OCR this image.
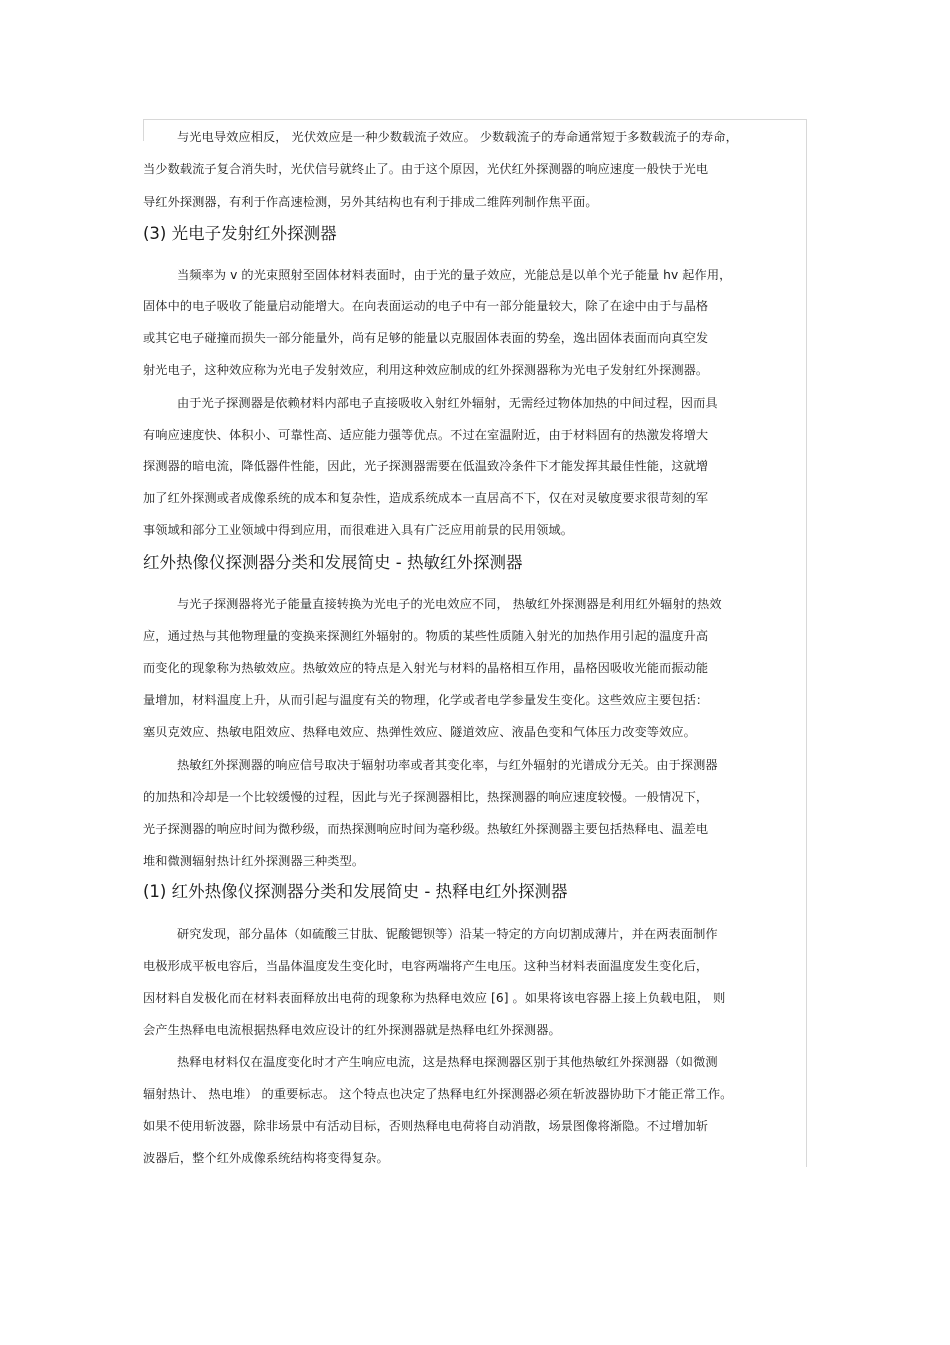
与光电导效应相反， 光伏效应是一种少数载流子效应。 少数载流子的寿命通常短于多数载流子的寿命，
当少数载流子复合消失时，光伏信号就终止了。由于这个原因，光伏红外探测器的响应速度一般快于光电
导红外探测器，有利于作高速检测，另外其结构也有利于排成二维阵列制作焦平面。
(3) 光电子发射红外探测器
当频率为 v 的光束照射至固体材料表面时，由于光的量子效应，光能总是以单个光子能量 hv 起作用，
固体中的电子吸收了能量启动能增大。在向表面运动的电子中有一部分能量较大，除了在途中由于与晶格
或其它电子碰撞而损失一部分能量外，尚有足够的能量以克服固体表面的势垒，逸出固体表面而向真空发
射光电子，这种效应称为光电子发射效应，利用这种效应制成的红外探测器称为光电子发射红外探测器。
由于光子探测器是依赖材料内部电子直接吸收入射红外辐射，无需经过物体加热的中间过程，因而具
有响应速度快、体积小、可靠性高、适应能力强等优点。不过在室温附近，由于材料固有的热激发将增大
探测器的暗电流，降低器件性能，因此，光子探测器需要在低温致冷条件下才能发挥其最佳性能，这就增
加了红外探测或者成像系统的成本和复杂性，造成系统成本一直居高不下，仅在对灵敏度要求很苛刻的军
事领域和部分工业领域中得到应用，而很难进入具有广泛应用前景的民用领域。
红外热像仪探测器分类和发展简史 - 热敏红外探测器
与光子探测器将光子能量直接转换为光电子的光电效应不同， 热敏红外探测器是利用红外辐射的热效
应，通过热与其他物理量的变换来探测红外辐射的。物质的某些性质随入射光的加热作用引起的温度升高
而变化的现象称为热敏效应。热敏效应的特点是入射光与材料的晶格相互作用，晶格因吸收光能而振动能
量增加，材料温度上升，从而引起与温度有关的物理，化学或者电学参量发生变化。这些效应主要包括：
塞贝克效应、热敏电阻效应、热释电效应、热弹性效应、隧道效应、液晶色变和气体压力改变等效应。
热敏红外探测器的响应信号取决于辐射功率或者其变化率，与红外辐射的光谱成分无关。由于探测器
的加热和冷却是一个比较缓慢的过程，因此与光子探测器相比，热探测器的响应速度较慢。一般情况下，
光子探测器的响应时间为微秒级，而热探测响应时间为毫秒级。热敏红外探测器主要包括热释电、温差电
堆和微测辐射热计红外探测器三种类型。
(1) 红外热像仪探测器分类和发展简史 - 热释电红外探测器
研究发现，部分晶体（如硫酸三甘肽、铌酸锶钡等）沿某一特定的方向切割成薄片，并在两表面制作
电极形成平板电容后，当晶体温度发生变化时，电容两端将产生电压。这种当材料表面温度发生变化后，
因材料自发极化而在材料表面释放出电荷的现象称为热释电效应 [6] 。如果将该电容器上接上负载电阻， 则
会产生热释电电流根据热释电效应设计的红外探测器就是热释电红外探测器。
热释电材料仅在温度变化时才产生响应电流，这是热释电探测器区别于其他热敏红外探测器（如微测
辐射热计、 热电堆） 的重要标志。 这个特点也决定了热释电红外探测器必须在斩波器协助下才能正常工作。
如果不使用斩波器，除非场景中有活动目标，否则热释电电荷将自动消散，场景图像将渐隐。不过增加斩
波器后，整个红外成像系统结构将变得复杂。
